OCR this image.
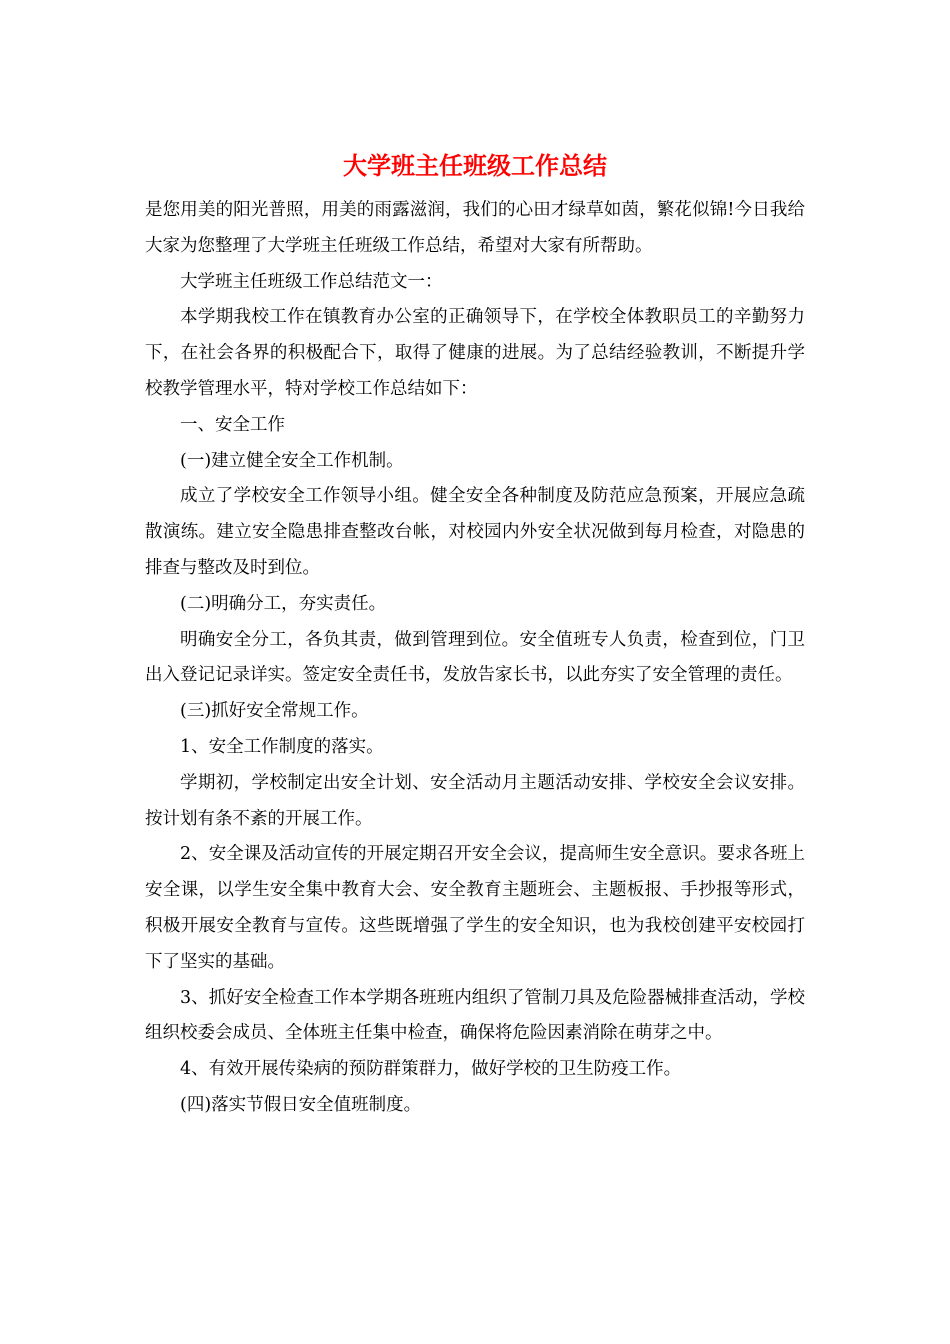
大学班主任班级工作总结

是您用美的阳光普照，用美的雨露滋润，我们的心田才绿草如茵，繁花似锦!今日我给大家为您整理了大学班主任班级工作总结，希望对大家有所帮助。

大学班主任班级工作总结范文一：

本学期我校工作在镇教育办公室的正确领导下，在学校全体教职员工的辛勤努力下，在社会各界的积极配合下，取得了健康的进展。为了总结经验教训，不断提升学校教学管理水平，特对学校工作总结如下：

一、安全工作

(一)建立健全安全工作机制。

成立了学校安全工作领导小组。健全安全各种制度及防范应急预案，开展应急疏散演练。建立安全隐患排查整改台帐，对校园内外安全状况做到每月检查，对隐患的排查与整改及时到位。

(二)明确分工，夯实责任。

明确安全分工，各负其责，做到管理到位。安全值班专人负责，检查到位，门卫出入登记记录详实。签定安全责任书，发放告家长书，以此夯实了安全管理的责任。

(三)抓好安全常规工作。

1、安全工作制度的落实。

学期初，学校制定出安全计划、安全活动月主题活动安排、学校安全会议安排。按计划有条不紊的开展工作。

2、安全课及活动宣传的开展定期召开安全会议，提高师生安全意识。要求各班上安全课，以学生安全集中教育大会、安全教育主题班会、主题板报、手抄报等形式，积极开展安全教育与宣传。这些既增强了学生的安全知识，也为我校创建平安校园打下了坚实的基础。

3、抓好安全检查工作本学期各班班内组织了管制刀具及危险器械排查活动，学校组织校委会成员、全体班主任集中检查，确保将危险因素消除在萌芽之中。

4、有效开展传染病的预防群策群力，做好学校的卫生防疫工作。

(四)落实节假日安全值班制度。
